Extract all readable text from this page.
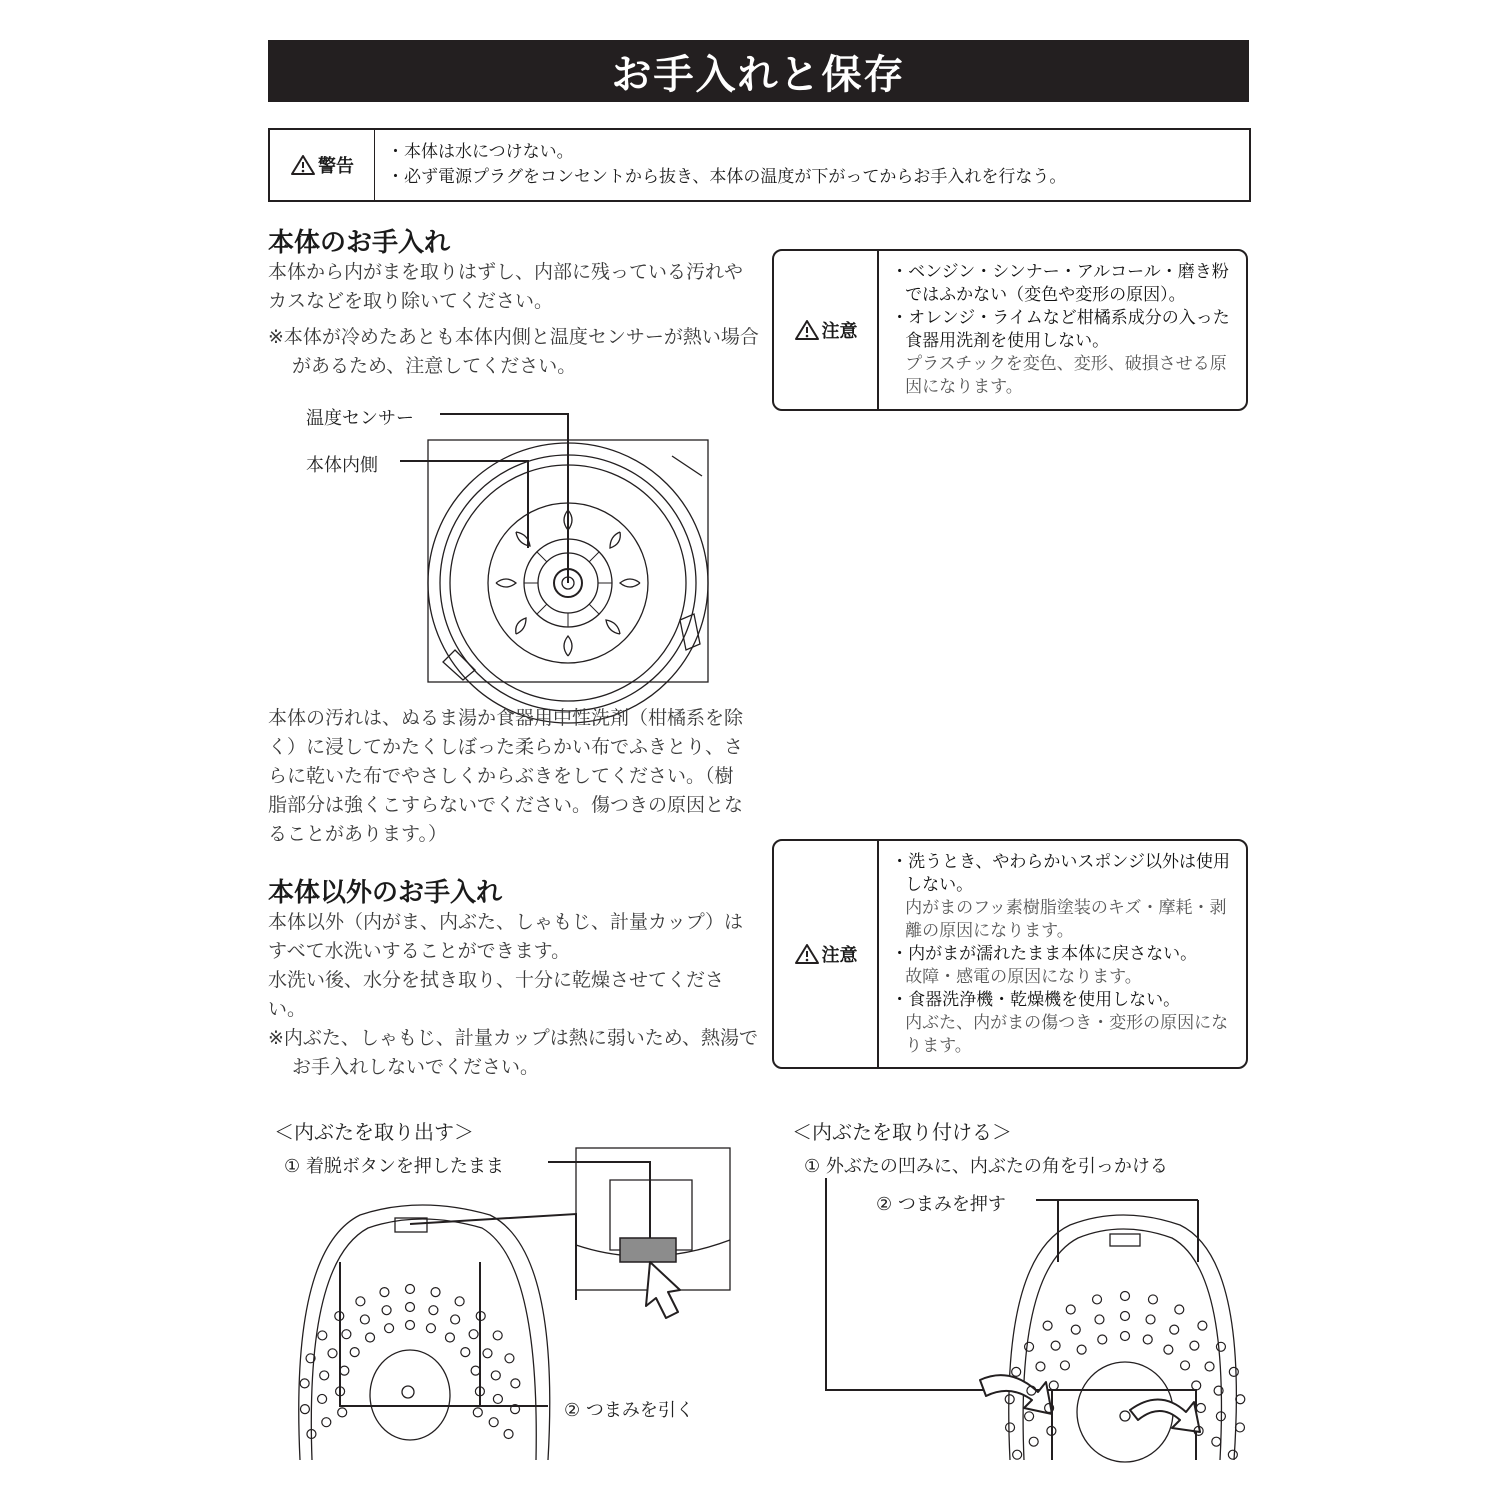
お手入れと保存
警告
・本体は水につけない。
・必ず電源プラグをコンセントから抜き、本体の温度が下がってからお手入れを行なう。
本体のお手入れ

本体から内がまを取りはずし、内部に残っている汚れやカスなどを取り除いてください。

※本体が冷めたあとも本体内側と温度センサーが熱い場合があるため、注意してください。

注意
・ベンジン・シンナー・アルコール・磨き粉ではふかない（変色や変形の原因）。
・オレンジ・ライムなど柑橘系成分の入った食器用洗剤を使用しない。
プラスチックを変色、変形、破損させる原因になります。
温度センサー
本体内側

本体の汚れは、ぬるま湯か食器用中性洗剤（柑橘系を除く）に浸してかたくしぼった柔らかい布でふきとり、さらに乾いた布でやさしくからぶきをしてください。（樹脂部分は強くこすらないでください。傷つきの原因となることがあります。）

本体以外のお手入れ

本体以外（内がま、内ぶた、しゃもじ、計量カップ）はすべて水洗いすることができます。

水洗い後、水分を拭き取り、十分に乾燥させてください。

※内ぶた、しゃもじ、計量カップは熱に弱いため、熱湯でお手入れしないでください。

注意
・洗うとき、やわらかいスポンジ以外は使用しない。
内がまのフッ素樹脂塗装のキズ・摩耗・剥離の原因になります。
・内がまが濡れたまま本体に戻さない。
故障・感電の原因になります。
・食器洗浄機・乾燥機を使用しない。
内ぶた、内がまの傷つき・変形の原因になります。
＜内ぶたを取り出す＞
① 着脱ボタンを押したまま
② つまみを引く
＜内ぶたを取り付ける＞
① 外ぶたの凹みに、内ぶたの角を引っかける
② つまみを押す
